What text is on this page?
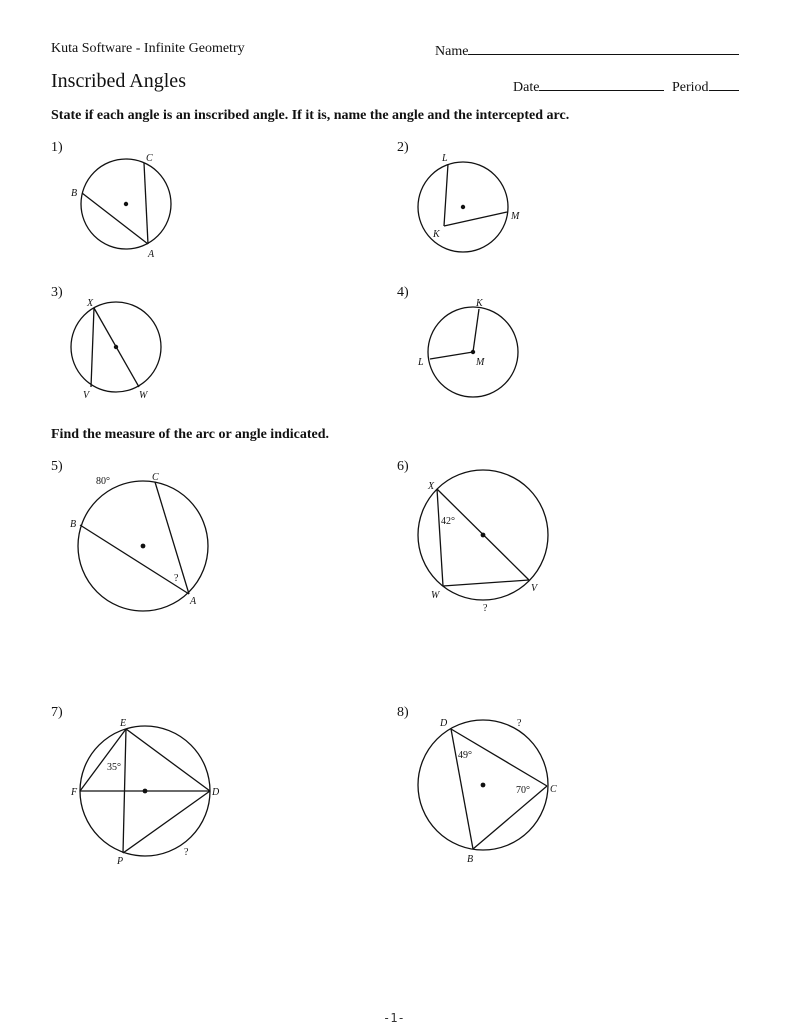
Kuta Software - Infinite Geometry	Name
Inscribed Angles	Date	Period
State if each angle is an inscribed angle. If it is, name the angle and the intercepted arc.
1)	2)
3)	4)
Find the measure of the arc or angle indicated.
5)	6)
7)	8)
C
B
A
L
M
K
X
V	W
K
L	M
80°	C
B
A
?
X
42°
W
V
?
E
35°
F	D
P
?
D	?
49°
70° C
B
-1-
